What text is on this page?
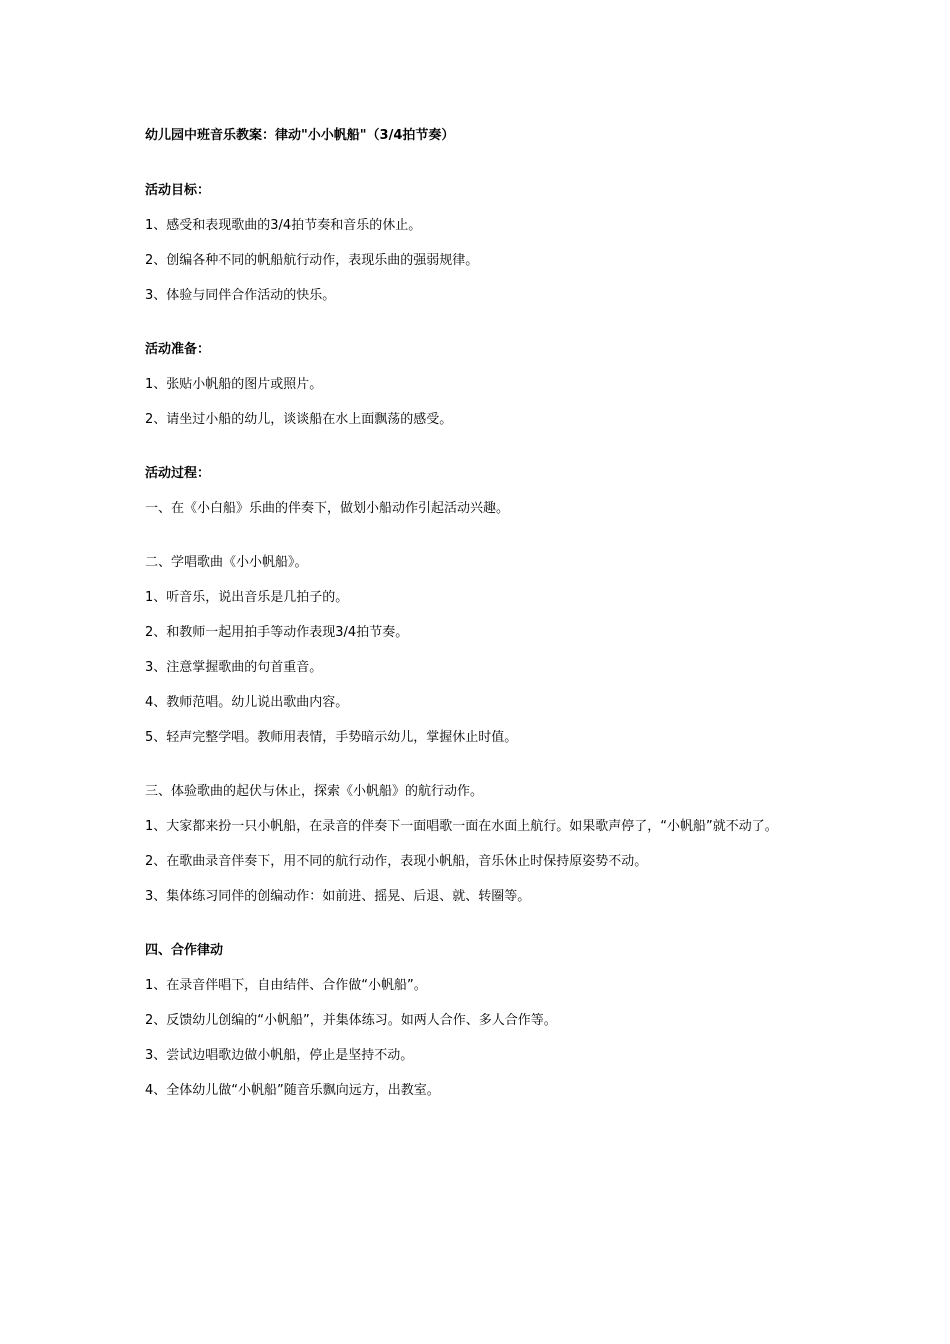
幼儿园中班音乐教案：律动"小小帆船"（3/4拍节奏）
活动目标：
1、感受和表现歌曲的3/4拍节奏和音乐的休止。
2、创编各种不同的帆船航行动作，表现乐曲的强弱规律。
3、体验与同伴合作活动的快乐。
活动准备：
1、张贴小帆船的图片或照片。
2、请坐过小船的幼儿，谈谈船在水上面飘荡的感受。
活动过程：
一、在《小白船》乐曲的伴奏下，做划小船动作引起活动兴趣。
二、学唱歌曲《小小帆船》。
1、听音乐，说出音乐是几拍子的。
2、和教师一起用拍手等动作表现3/4拍节奏。
3、注意掌握歌曲的句首重音。
4、教师范唱。幼儿说出歌曲内容。
5、轻声完整学唱。教师用表情，手势暗示幼儿，掌握休止时值。
三、体验歌曲的起伏与休止，探索《小帆船》的航行动作。
1、大家都来扮一只小帆船，在录音的伴奏下一面唱歌一面在水面上航行。如果歌声停了，“小帆船”就不动了。
2、在歌曲录音伴奏下，用不同的航行动作，表现小帆船，音乐休止时保持原姿势不动。
3、集体练习同伴的创编动作：如前进、摇晃、后退、就、转圈等。
四、合作律动
1、在录音伴唱下，自由结伴、合作做“小帆船”。
2、反馈幼儿创编的“小帆船”，并集体练习。如两人合作、多人合作等。
3、尝试边唱歌边做小帆船，停止是坚持不动。
4、全体幼儿做“小帆船”随音乐飘向远方，出教室。
